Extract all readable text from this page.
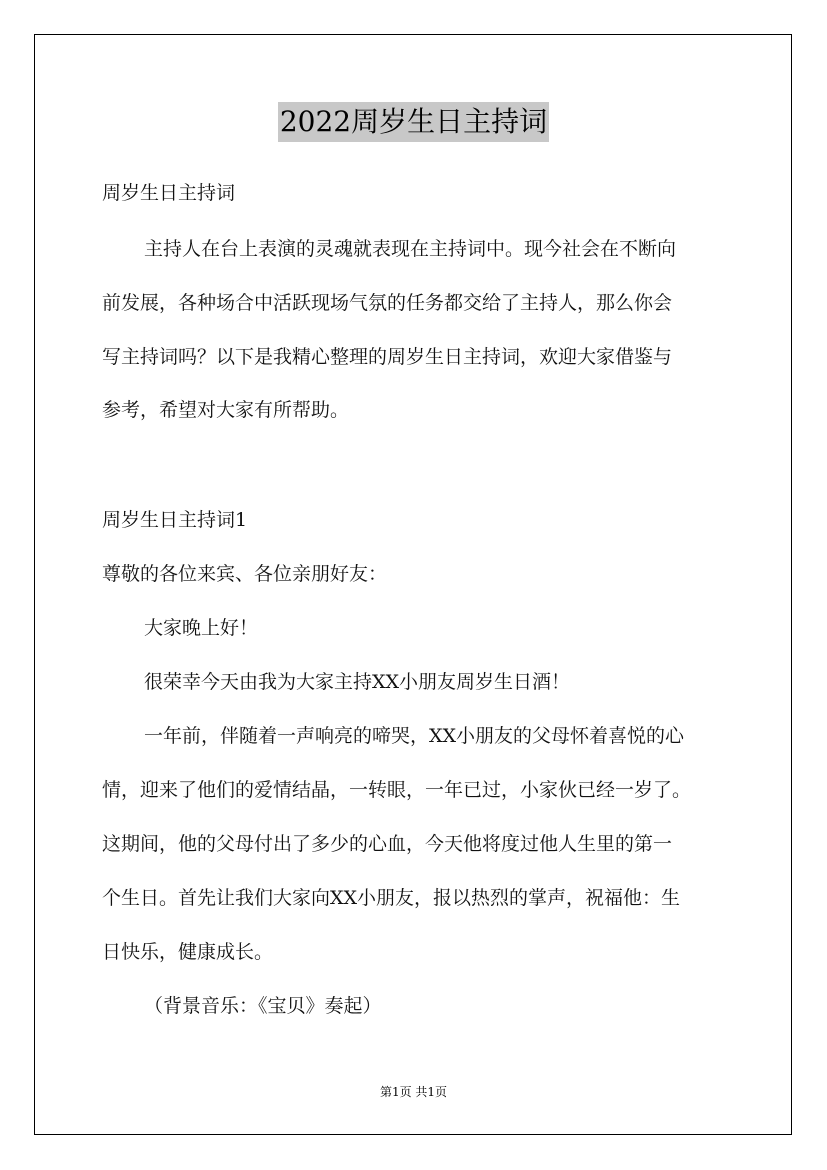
2022周岁生日主持词
周岁生日主持词
主持人在台上表演的灵魂就表现在主持词中。现今社会在不断向
前发展，各种场合中活跃现场气氛的任务都交给了主持人，那么你会
写主持词吗？以下是我精心整理的周岁生日主持词，欢迎大家借鉴与
参考，希望对大家有所帮助。
周岁生日主持词1
尊敬的各位来宾、各位亲朋好友：
大家晚上好！
很荣幸今天由我为大家主持XX小朋友周岁生日酒！
一年前，伴随着一声响亮的啼哭，XX小朋友的父母怀着喜悦的心
情，迎来了他们的爱情结晶，一转眼，一年已过，小家伙已经一岁了。
这期间，他的父母付出了多少的心血，今天他将度过他人生里的第一
个生日。首先让我们大家向XX小朋友，报以热烈的掌声，祝福他：生
日快乐，健康成长。
（背景音乐：《宝贝》奏起）
第1页 共1页
